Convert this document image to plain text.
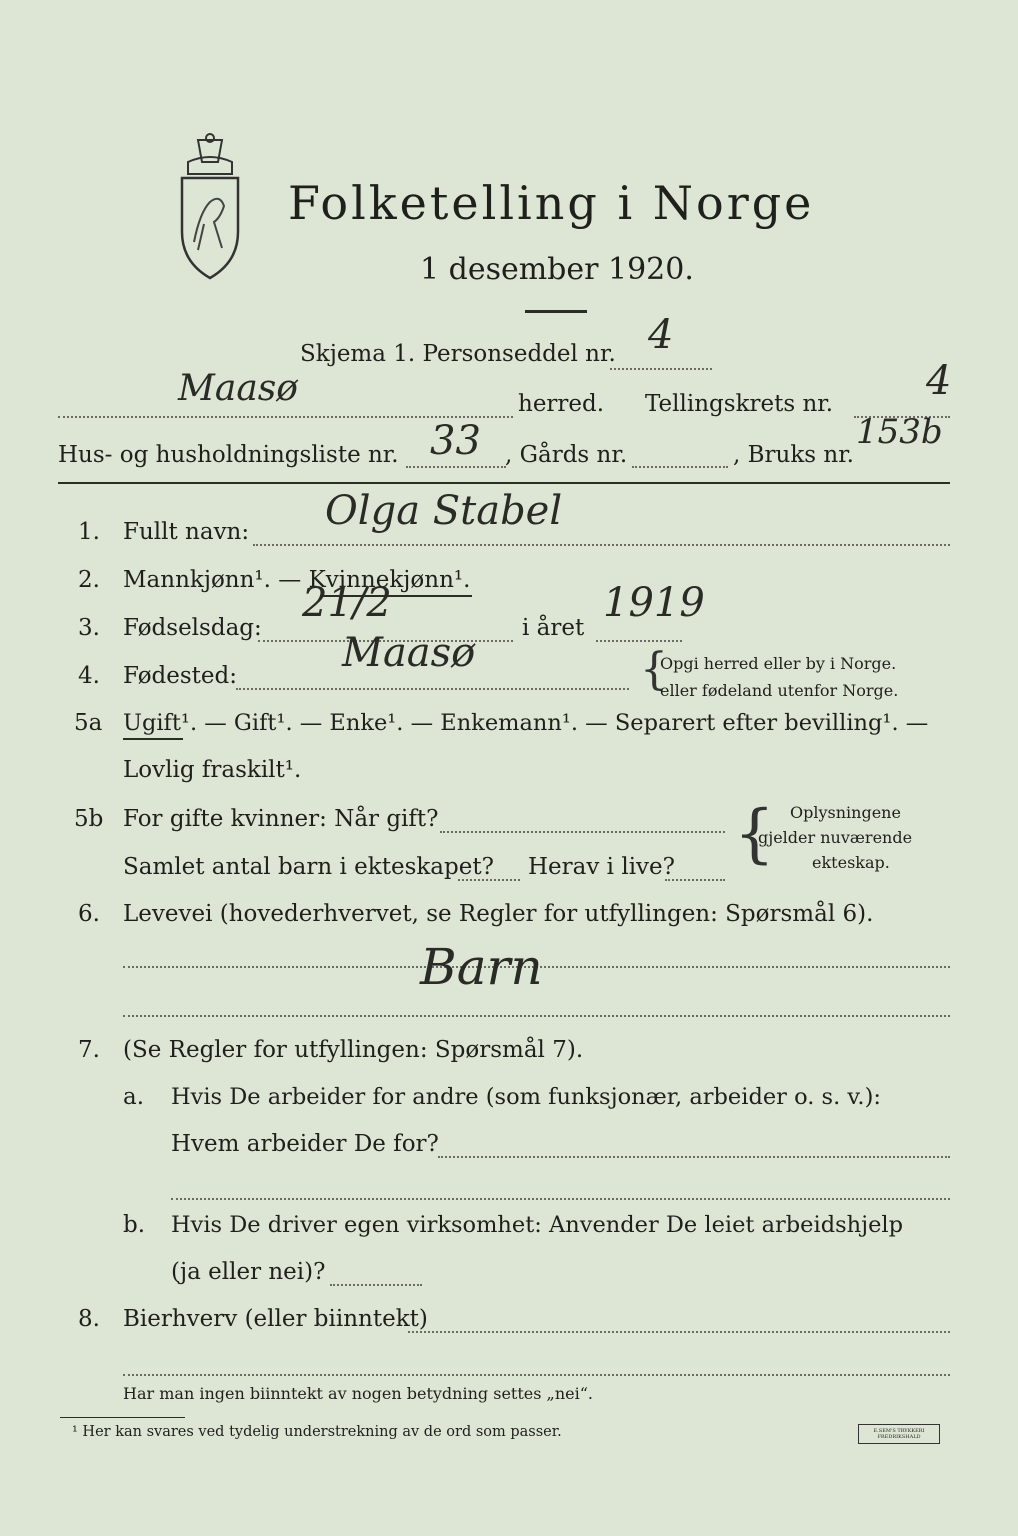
Folketelling i Norge
1 desember 1920.
Skjema 1. Personseddel nr. 4
Maasø	herred. Tellingskrets nr. 4
Hus- og husholdningsliste nr. 33 , Gårds nr.	, Bruks nr.
153b
1. Fullt navn: Olga Stabel
2. Mannkjønn¹. — Kvinnekjønn¹.
3. Fødselsdag:
21/2
i året
1919
4. Fødested:	Maasø	{
Opgi herred eller by i Norge.
eller fødeland utenfor Norge.
5a Ugift¹. — Gift¹. — Enke¹. — Enkemann¹. — Separert efter bevilling¹. —
Lovlig fraskilt¹.
5b For gifte kvinner: Når gift?
Samlet antal barn i ekteskapet? Herav i live? { Oplysningene
gjelder nuværende
ekteskap.
6. Levevei (hovederhvervet, se Regler for utfyllingen: Spørsmål 6).
Barn
7. (Se Regler for utfyllingen: Spørsmål 7).
a. Hvis De arbeider for andre (som funksjonær, arbeider o. s. v.):
Hvem arbeider De for?
b. Hvis De driver egen virksomhet: Anvender De leiet arbeidshjelp
(ja eller nei)?
8. Bierhverv (eller biinntekt)
Har man ingen biinntekt av nogen betydning settes „nei“.
¹ Her kan svares ved tydelig understrekning av de ord som passer.	E.SEM'S TRYKKERI FREDRIKSHALD
